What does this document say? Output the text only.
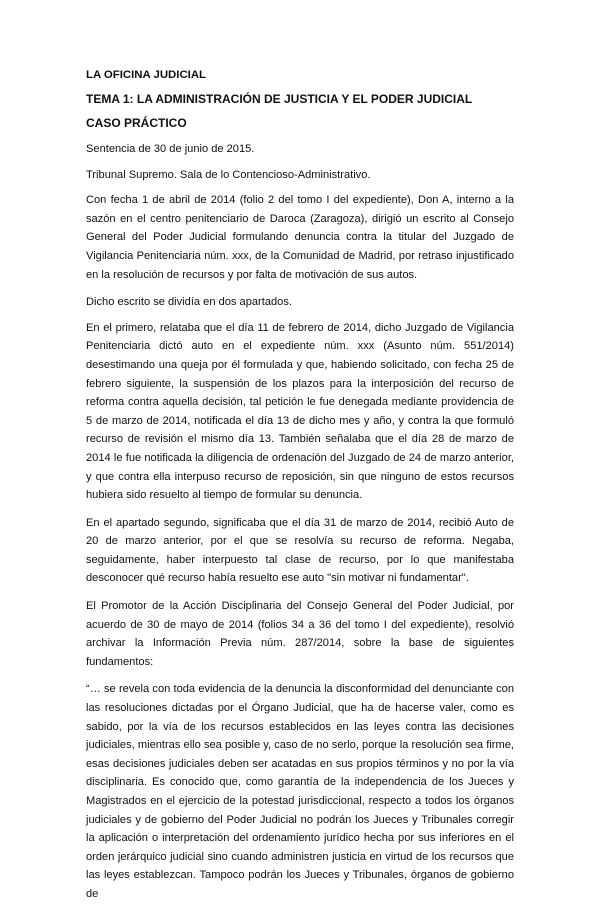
LA OFICINA JUDICIAL
TEMA 1: LA ADMINISTRACIÓN DE JUSTICIA Y EL PODER JUDICIAL
CASO PRÁCTICO

Sentencia de 30 de junio de 2015.

Tribunal Supremo. Sala de lo Contencioso-Administrativo.

Con fecha 1 de abril de 2014 (folio 2 del tomo I del expediente), Don A, interno a la sazón en el centro penitenciario de Daroca (Zaragoza), dirigió un escrito al Consejo General del Poder Judicial formulando denuncia contra la titular del Juzgado de Vigilancia Penitenciaria núm. xxx, de la Comunidad de Madrid, por retraso injustificado en la resolución de recursos y por falta de motivación de sus autos.

Dicho escrito se dividía en dos apartados.

En el primero, relataba que el día 11 de febrero de 2014, dicho Juzgado de Vigilancia Penitenciaria dictó auto en el expediente núm. xxx (Asunto núm. 551/2014) desestimando una queja por él formulada y que, habiendo solicitado, con fecha 25 de febrero siguiente, la suspensión de los plazos para la interposición del recurso de reforma contra aquella decisión, tal petición le fue denegada mediante providencia de 5 de marzo de 2014, notificada el día 13 de dicho mes y año, y contra la que formuló recurso de revisión el mismo día 13. También señalaba que el día 28 de marzo de 2014 le fue notificada la diligencia de ordenación del Juzgado de 24 de marzo anterior, y que contra ella interpuso recurso de reposición, sin que ninguno de estos recursos hubiera sido resuelto al tiempo de formular su denuncia.

En el apartado segundo, significaba que el día 31 de marzo de 2014, recibió Auto de 20 de marzo anterior, por el que se resolvía su recurso de reforma. Negaba, seguidamente, haber interpuesto tal clase de recurso, por lo que manifestaba desconocer qué recurso había resuelto ese auto "sin motivar ni fundamentar".

El Promotor de la Acción Disciplinaria del Consejo General del Poder Judicial, por acuerdo de 30 de mayo de 2014 (folios 34 a 36 del tomo I del expediente), resolvió archivar la Información Previa núm. 287/2014, sobre la base de siguientes fundamentos:

“… se revela con toda evidencia de la denuncia la disconformidad del denunciante con las resoluciones dictadas por el Órgano Judicial, que ha de hacerse valer, como es sabido, por la vía de los recursos establecidos en las leyes contra las decisiones judiciales, mientras ello sea posible y, caso de no serlo, porque la resolución sea firme, esas decisiones judiciales deben ser acatadas en sus propios términos y no por la vía disciplinaria. Es conocido que, como garantía de la independencia de los Jueces y Magistrados en el ejercicio de la potestad jurisdiccional, respecto a todos los órganos judiciales y de gobierno del Poder Judicial no podrán los Jueces y Tribunales corregir la aplicación o interpretación del ordenamiento jurídico hecha por sus inferiores en el orden jerárquico judicial sino cuando administren justicia en virtud de los recursos que las leyes establezcan. Tampoco podrán los Jueces y Tribunales, órganos de gobierno de
